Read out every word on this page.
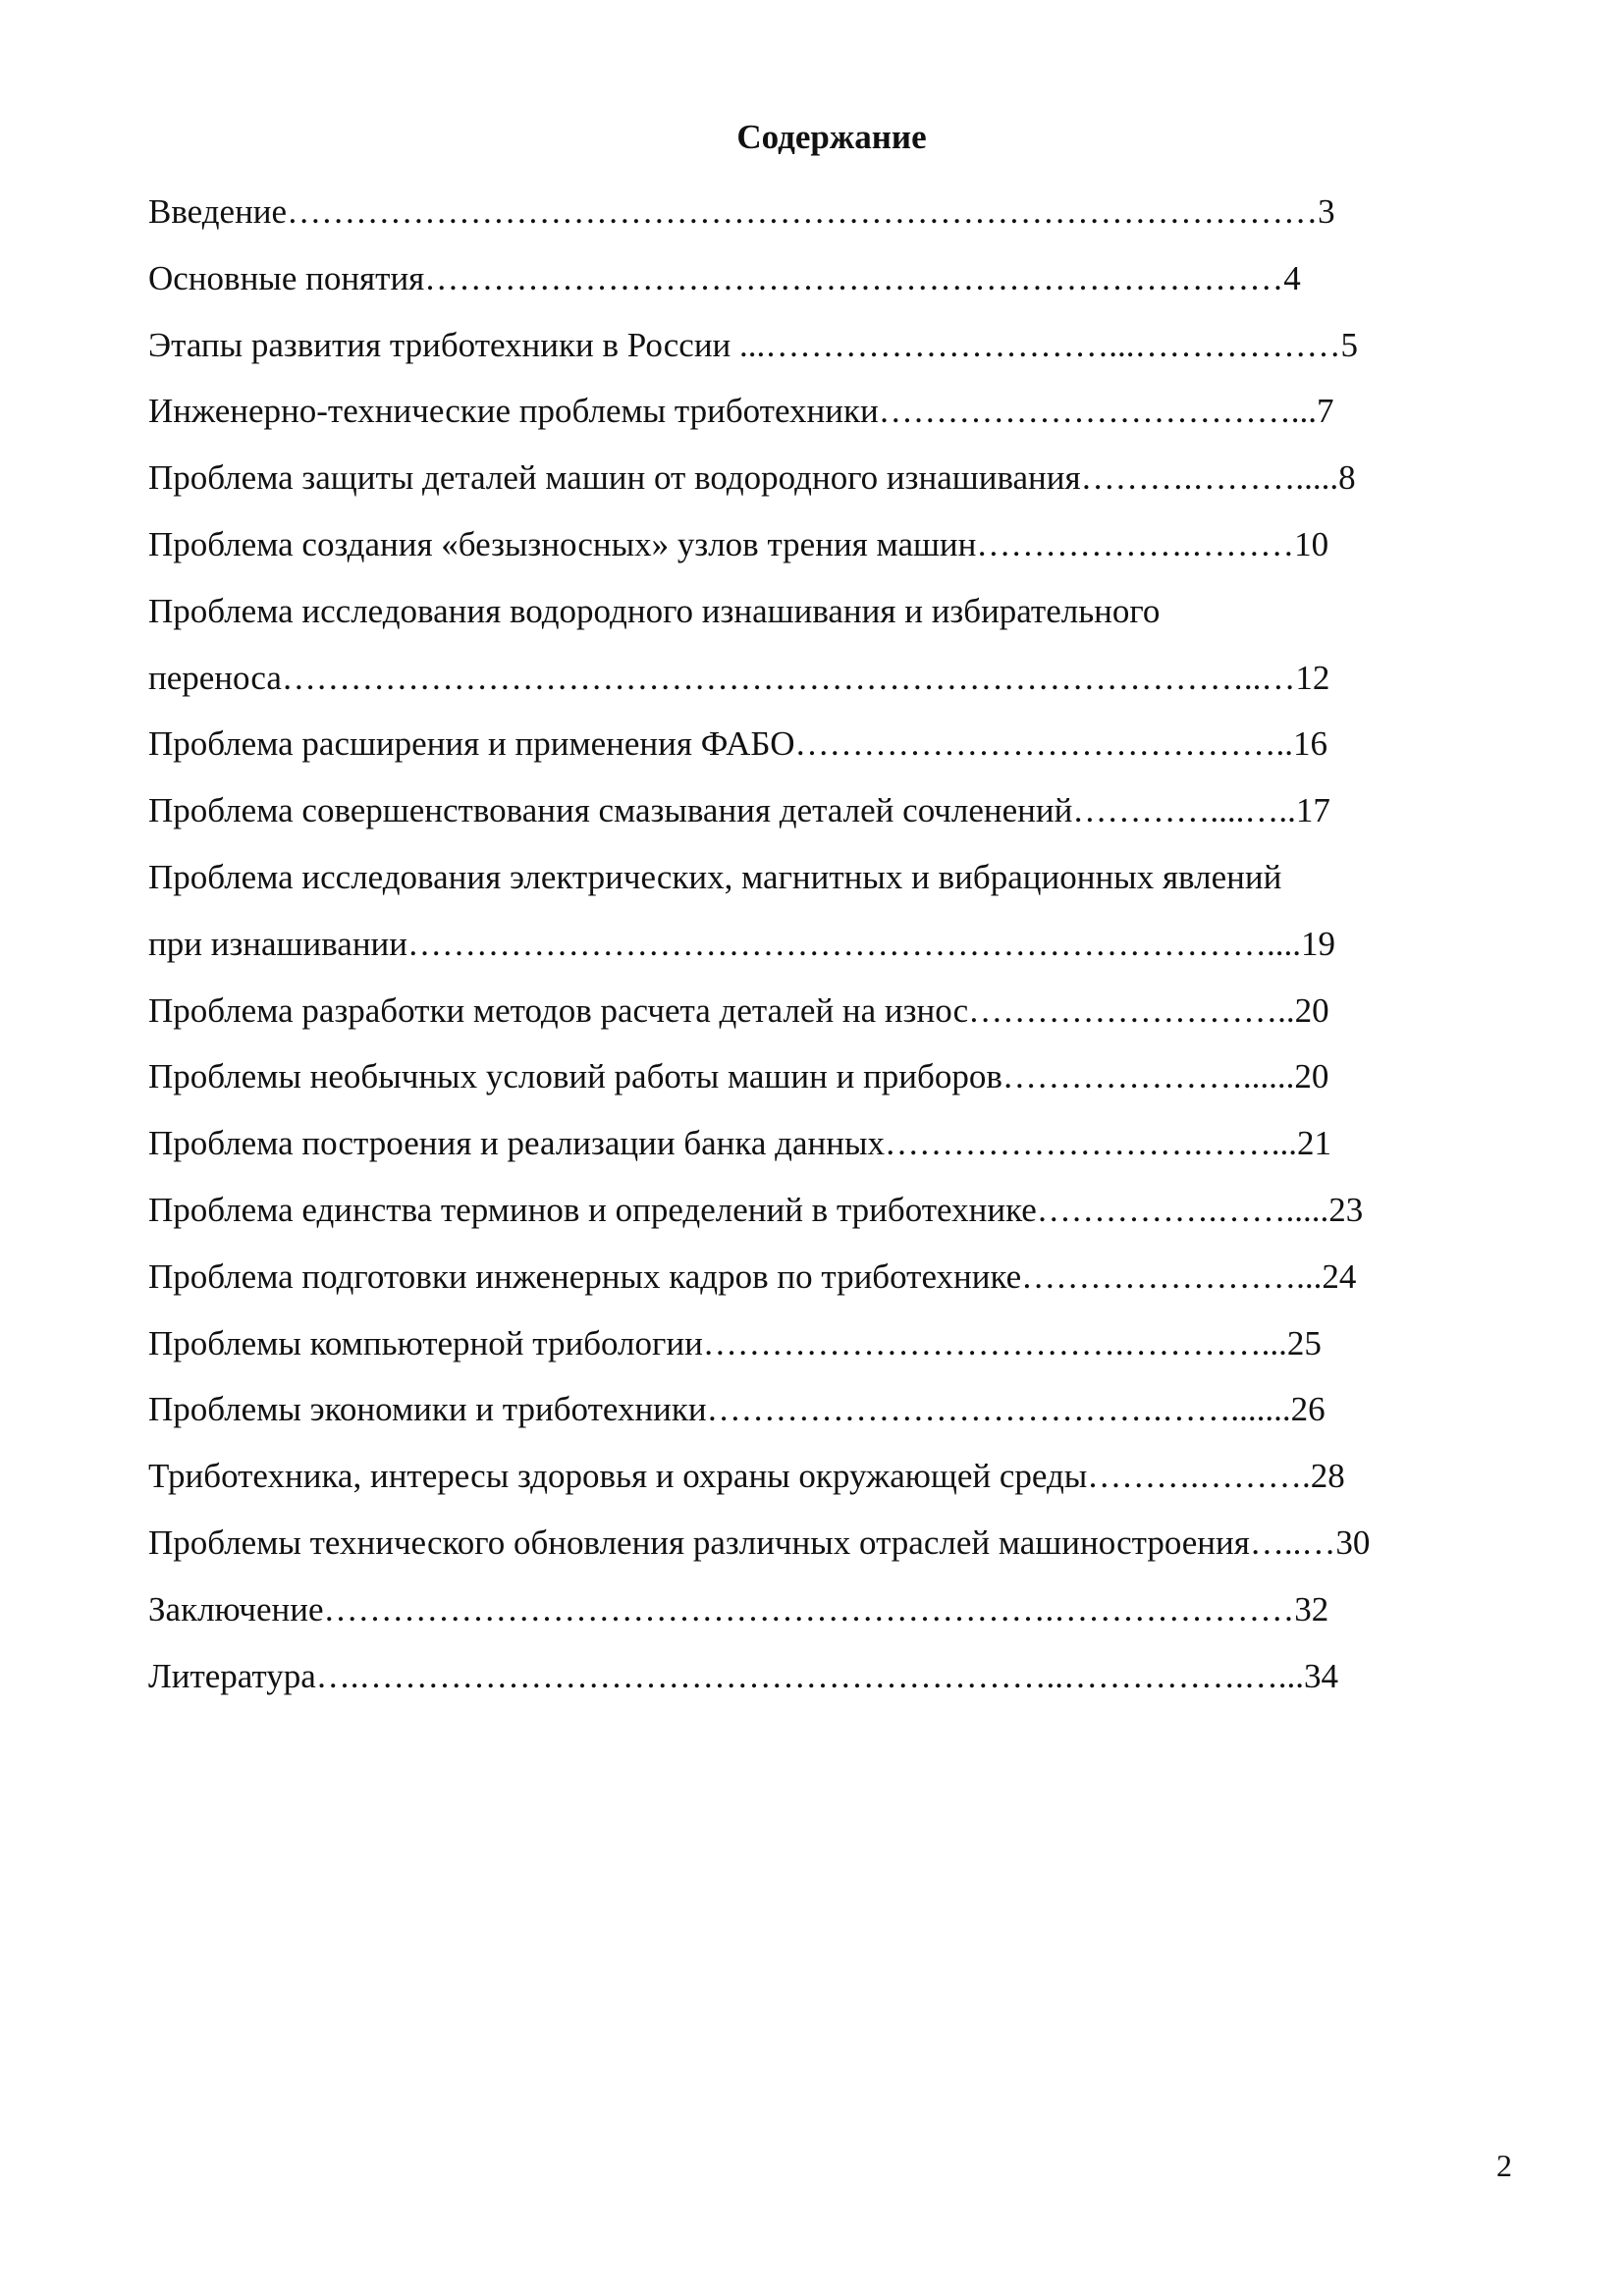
Содержание
Введение………………………………………………………………………………3
Основные понятия…………………………………………………………………4
Этапы развития триботехники в России ...…………………………...………………5
Инженерно-технические проблемы триботехники………………………………...7
Проблема защиты деталей машин от водородного изнашивания……….……….....8
Проблема создания «безызносных» узлов трения машин……………….………10
Проблема исследования водородного изнашивания и избирательного
переноса…………………………………………………………………………..…12
Проблема расширения и применения ФАБО……………………………………..16
Проблема совершенствования смазывания деталей сочленений…………....…..17
Проблема исследования электрических, магнитных и вибрационных явлений
при изнашивании…………………………………………………………………....19
Проблема разработки методов расчета деталей на износ………………………..20
Проблемы необычных условий работы машин и приборов…………………......20
Проблема построения и реализации банка данных……………………….……...21
Проблема единства терминов и определений в триботехнике…………….…….....23
Проблема подготовки инженерных кадров по триботехнике……………………...24
Проблемы компьютерной трибологии……………………………….…………...25
Проблемы экономики и триботехники………………………………….…….......26
Триботехника, интересы здоровья и охраны окружающей среды……….……….28
Проблемы технического обновления различных отраслей машиностроения…..…30
Заключение……………………………………………………….…………………32
Литература….……………………………………………………..…………….…...34
2
